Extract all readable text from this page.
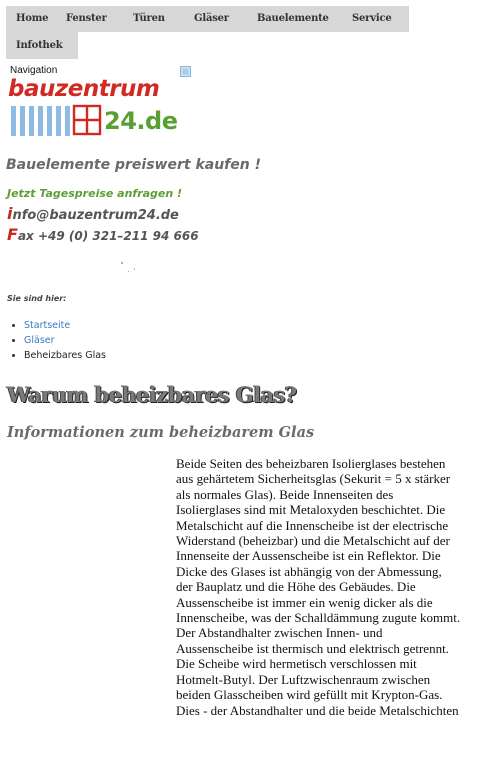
Home Fenster	Türen	Gläser	Bauelemente Service
Infothek
Navigation
bauzentrum
24.de
Bauelemente preiswert kaufen !
Jetzt Tagespreise anfragen !
info@bauzentrum24.de
Fax +49 (0) 321–211 94 666
Sie sind hier:
Startseite
Gläser
Beheizbares Glas
Warum beheizbares Glas?
Informationen zum beheizbarem Glas
Beide Seiten des beheizbaren Isolierglases bestehen
aus gehärtetem Sicherheitsglas (Sekurit = 5 x stärker
als normales Glas). Beide Innenseiten des
Isolierglases sind mit Metaloxyden beschichtet. Die
Metalschicht auf die Innenscheibe ist der electrische
Widerstand (beheizbar) und die Metalschicht auf der
Innenseite der Aussenscheibe ist ein Reflektor. Die
Dicke des Glases ist abhängig von der Abmessung,
der Bauplatz und die Höhe des Gebäudes. Die
Aussenscheibe ist immer ein wenig dicker als die
Innenscheibe, was der Schalldämmung zugute kommt.
Der Abstandhalter zwischen Innen- und
Aussenscheibe ist thermisch und elektrisch getrennt.
Die Scheibe wird hermetisch verschlossen mit
Hotmelt-Butyl. Der Luftzwischenraum zwischen
beiden Glasscheiben wird gefüllt mit Krypton-Gas.
Dies - der Abstandhalter und die beide Metalschichten
